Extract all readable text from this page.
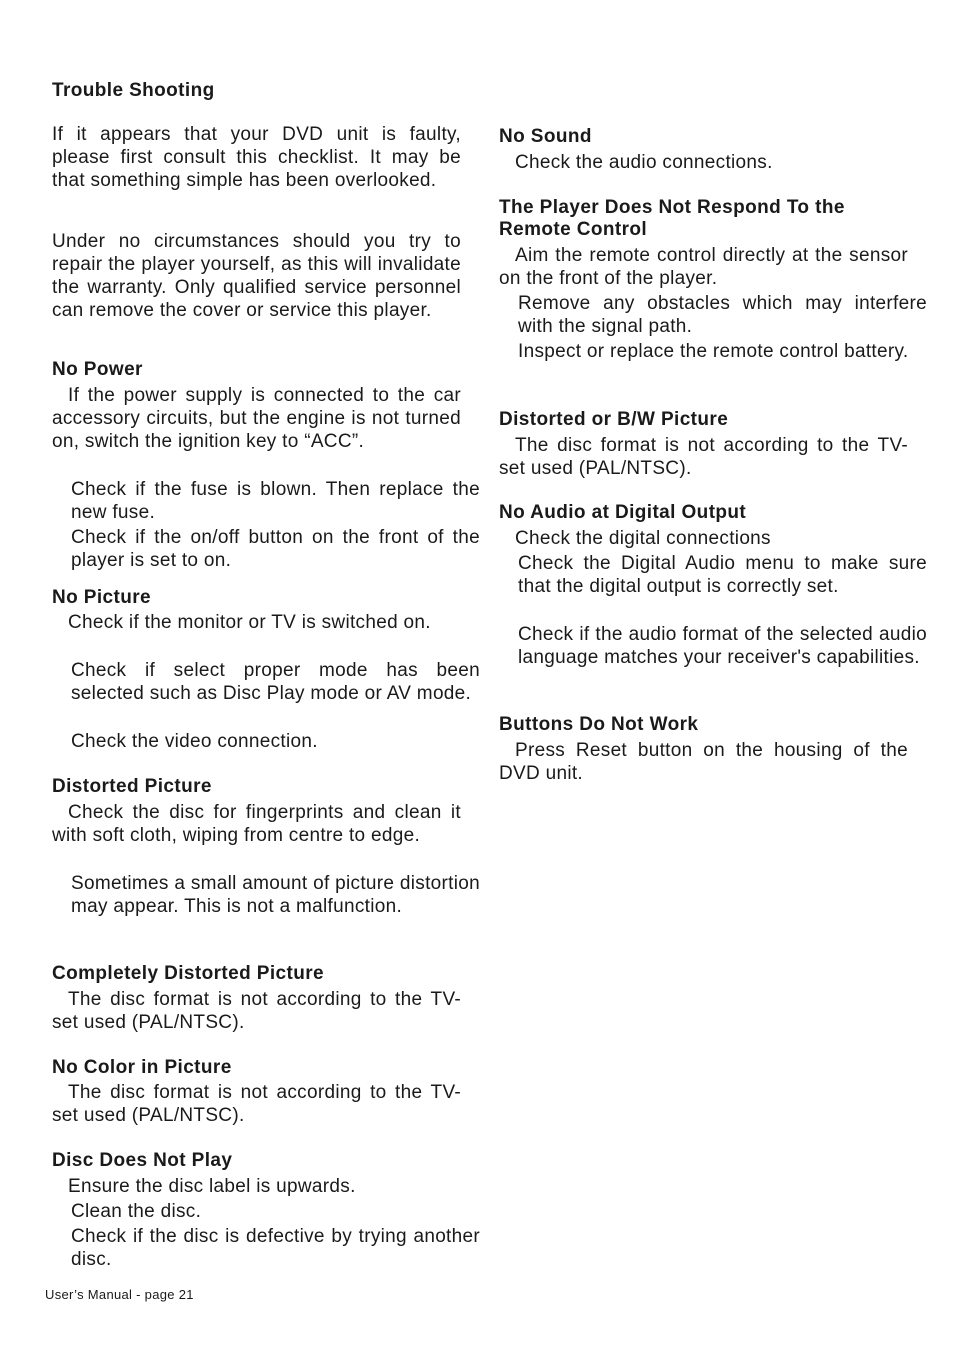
Trouble Shooting
If it appears that your DVD unit is faulty, please first consult this checklist. It may be that something simple has been overlooked.
Under no circumstances should you try to repair the player yourself, as this will invalidate the warranty. Only qualified service personnel can remove the cover or service this player.
No Power
If the power supply is connected to the car accessory circuits, but the engine is not turned on, switch the ignition key to “ACC”.
Check if the fuse is blown. Then replace the new fuse.
Check if the on/off button on the front of the player is set to on.
No Picture
Check if the monitor or TV is switched on.
Check if select proper mode has been selected such as Disc Play mode or AV mode.
Check the video connection.
Distorted Picture
Check the disc for fingerprints and clean it with soft cloth, wiping from centre to edge.
Sometimes a small amount of picture distortion may appear. This is not a malfunction.
Completely Distorted Picture
The disc format is not according to the TV-set used (PAL/NTSC).
No Color in Picture
The disc format is not according to the TV-set used (PAL/NTSC).
Disc Does Not Play
Ensure the disc label is upwards.
Clean the disc.
Check if the disc is defective by trying another disc.
No Sound
Check the audio connections.
The Player Does Not Respond To the Remote Control
Aim the remote control directly at the sensor on the front of the player.
Remove any obstacles which may interfere with the signal path.
Inspect or replace the remote control battery.
Distorted or B/W Picture
The disc format is not according to the TV-set used (PAL/NTSC).
No Audio at Digital Output
Check the digital connections
Check the Digital Audio menu to make sure that the digital output is correctly set.
Check if the audio format of the selected audio language matches your receiver's capabilities.
Buttons Do Not Work
Press Reset button on the housing of the DVD unit.
User’s Manual - page 21
